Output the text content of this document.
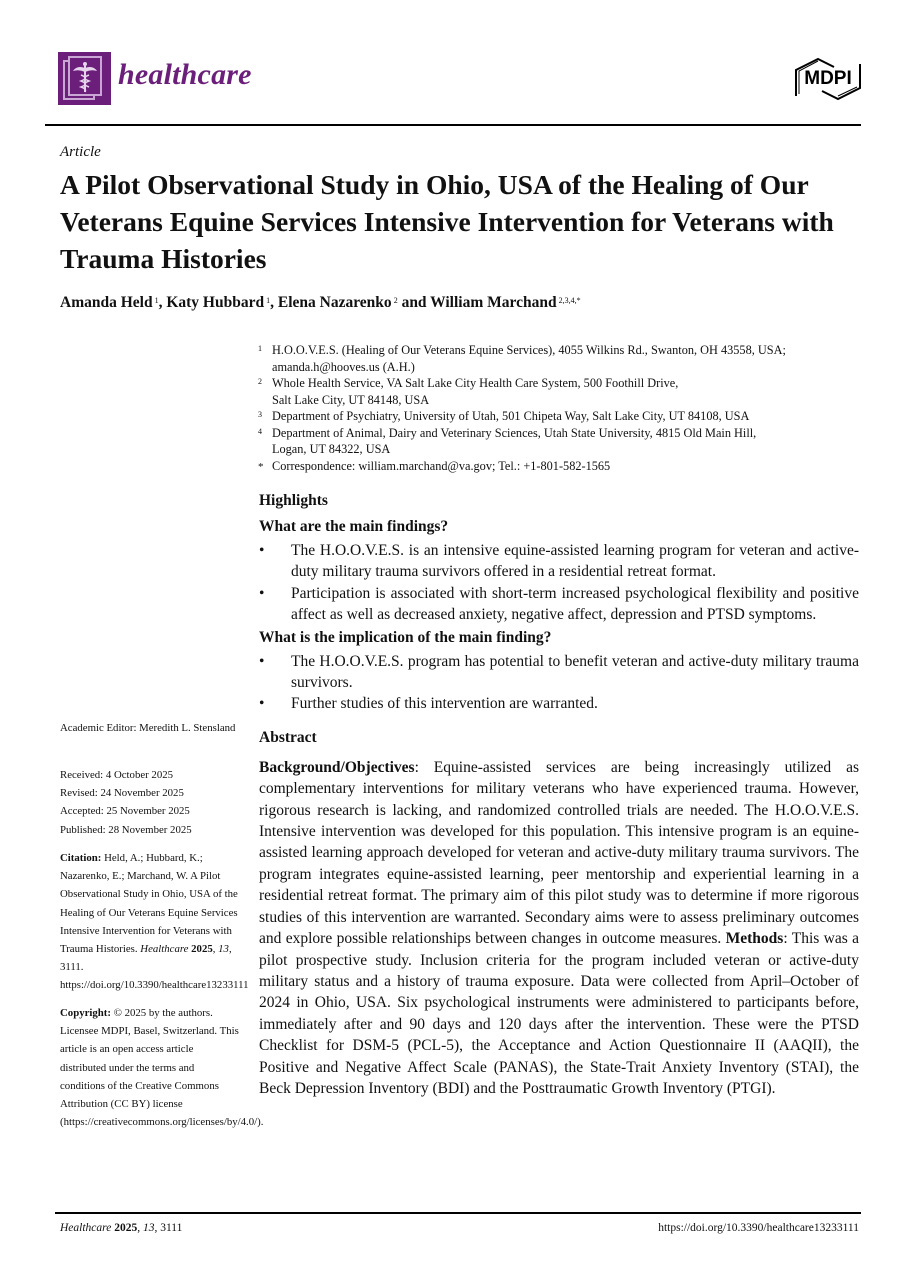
healthcare	MDPI
Article
A Pilot Observational Study in Ohio, USA of the Healing of Our Veterans Equine Services Intensive Intervention for Veterans with Trauma Histories
Amanda Held $^1$, Katy Hubbard $^1$, Elena Nazarenko $^2$ and William Marchand $^{2,3,4,*}$
1 H.O.O.V.E.S. (Healing of Our Veterans Equine Services), 4055 Wilkins Rd., Swanton, OH 43558, USA;
amanda.h@hooves.us (A.H.)
2 Whole Health Service, VA Salt Lake City Health Care System, 500 Foothill Drive,
Salt Lake City, UT 84148, USA
3 Department of Psychiatry, University of Utah, 501 Chipeta Way, Salt Lake City, UT 84108, USA
4 Department of Animal, Dairy and Veterinary Sciences, Utah State University, 4815 Old Main Hill,
Logan, UT 84322, USA
* Correspondence: william.marchand@va.gov; Tel.: +1-801-582-1565
Highlights
What are the main findings?
•
The H.O.O.V.E.S. is an intensive equine-assisted learning program for veteran and active-duty military trauma survivors offered in a residential retreat format.
•
Participation is associated with short-term increased psychological flexibility and positive affect as well as decreased anxiety, negative affect, depression and PTSD symptoms.
What is the implication of the main finding?
•
The H.O.O.V.E.S. program has potential to benefit veteran and active-duty military trauma survivors.
•
Further studies of this intervention are warranted.
Abstract

Background/Objectives: Equine-assisted services are being increasingly utilized as complementary interventions for military veterans who have experienced trauma. However, rigorous research is lacking, and randomized controlled trials are needed. The H.O.O.V.E.S. Intensive intervention was developed for this population. This intensive program is an equine-assisted learning approach developed for veteran and active-duty military trauma survivors. The program integrates equine-assisted learning, peer mentorship and experiential learning in a residential retreat format. The primary aim of this pilot study was to determine if more rigorous studies of this intervention are warranted. Secondary aims were to assess preliminary outcomes and explore possible relationships between changes in outcome measures. Methods: This was a pilot prospective study. Inclusion criteria for the program included veteran or active-duty military status and a history of trauma exposure. Data were collected from April–October of 2024 in Ohio, USA. Six psychological instruments were administered to participants before, immediately after and 90 days and 120 days after the intervention. These were the PTSD Checklist for DSM-5 (PCL-5), the Acceptance and Action Questionnaire II (AAQII), the Positive and Negative Affect Scale (PANAS), the State-Trait Anxiety Inventory (STAI), the Beck Depression Inventory (BDI) and the Posttraumatic Growth Inventory (PTGI).

Academic Editor: Meredith L. Stensland
Received: 4 October 2025
Revised: 24 November 2025
Accepted: 25 November 2025
Published: 28 November 2025
Citation: Held, A.; Hubbard, K.; Nazarenko, E.; Marchand, W. A Pilot Observational Study in Ohio, USA of the Healing of Our Veterans Equine Services Intensive Intervention for Veterans with Trauma Histories. Healthcare 2025, 13, 3111. https://doi.org/10.3390/healthcare13233111
Copyright: © 2025 by the authors. Licensee MDPI, Basel, Switzerland. This article is an open access article distributed under the terms and conditions of the Creative Commons Attribution (CC BY) license (https://creativecommons.org/licenses/by/4.0/).
Healthcare 2025, 13, 3111	https://doi.org/10.3390/healthcare13233111
